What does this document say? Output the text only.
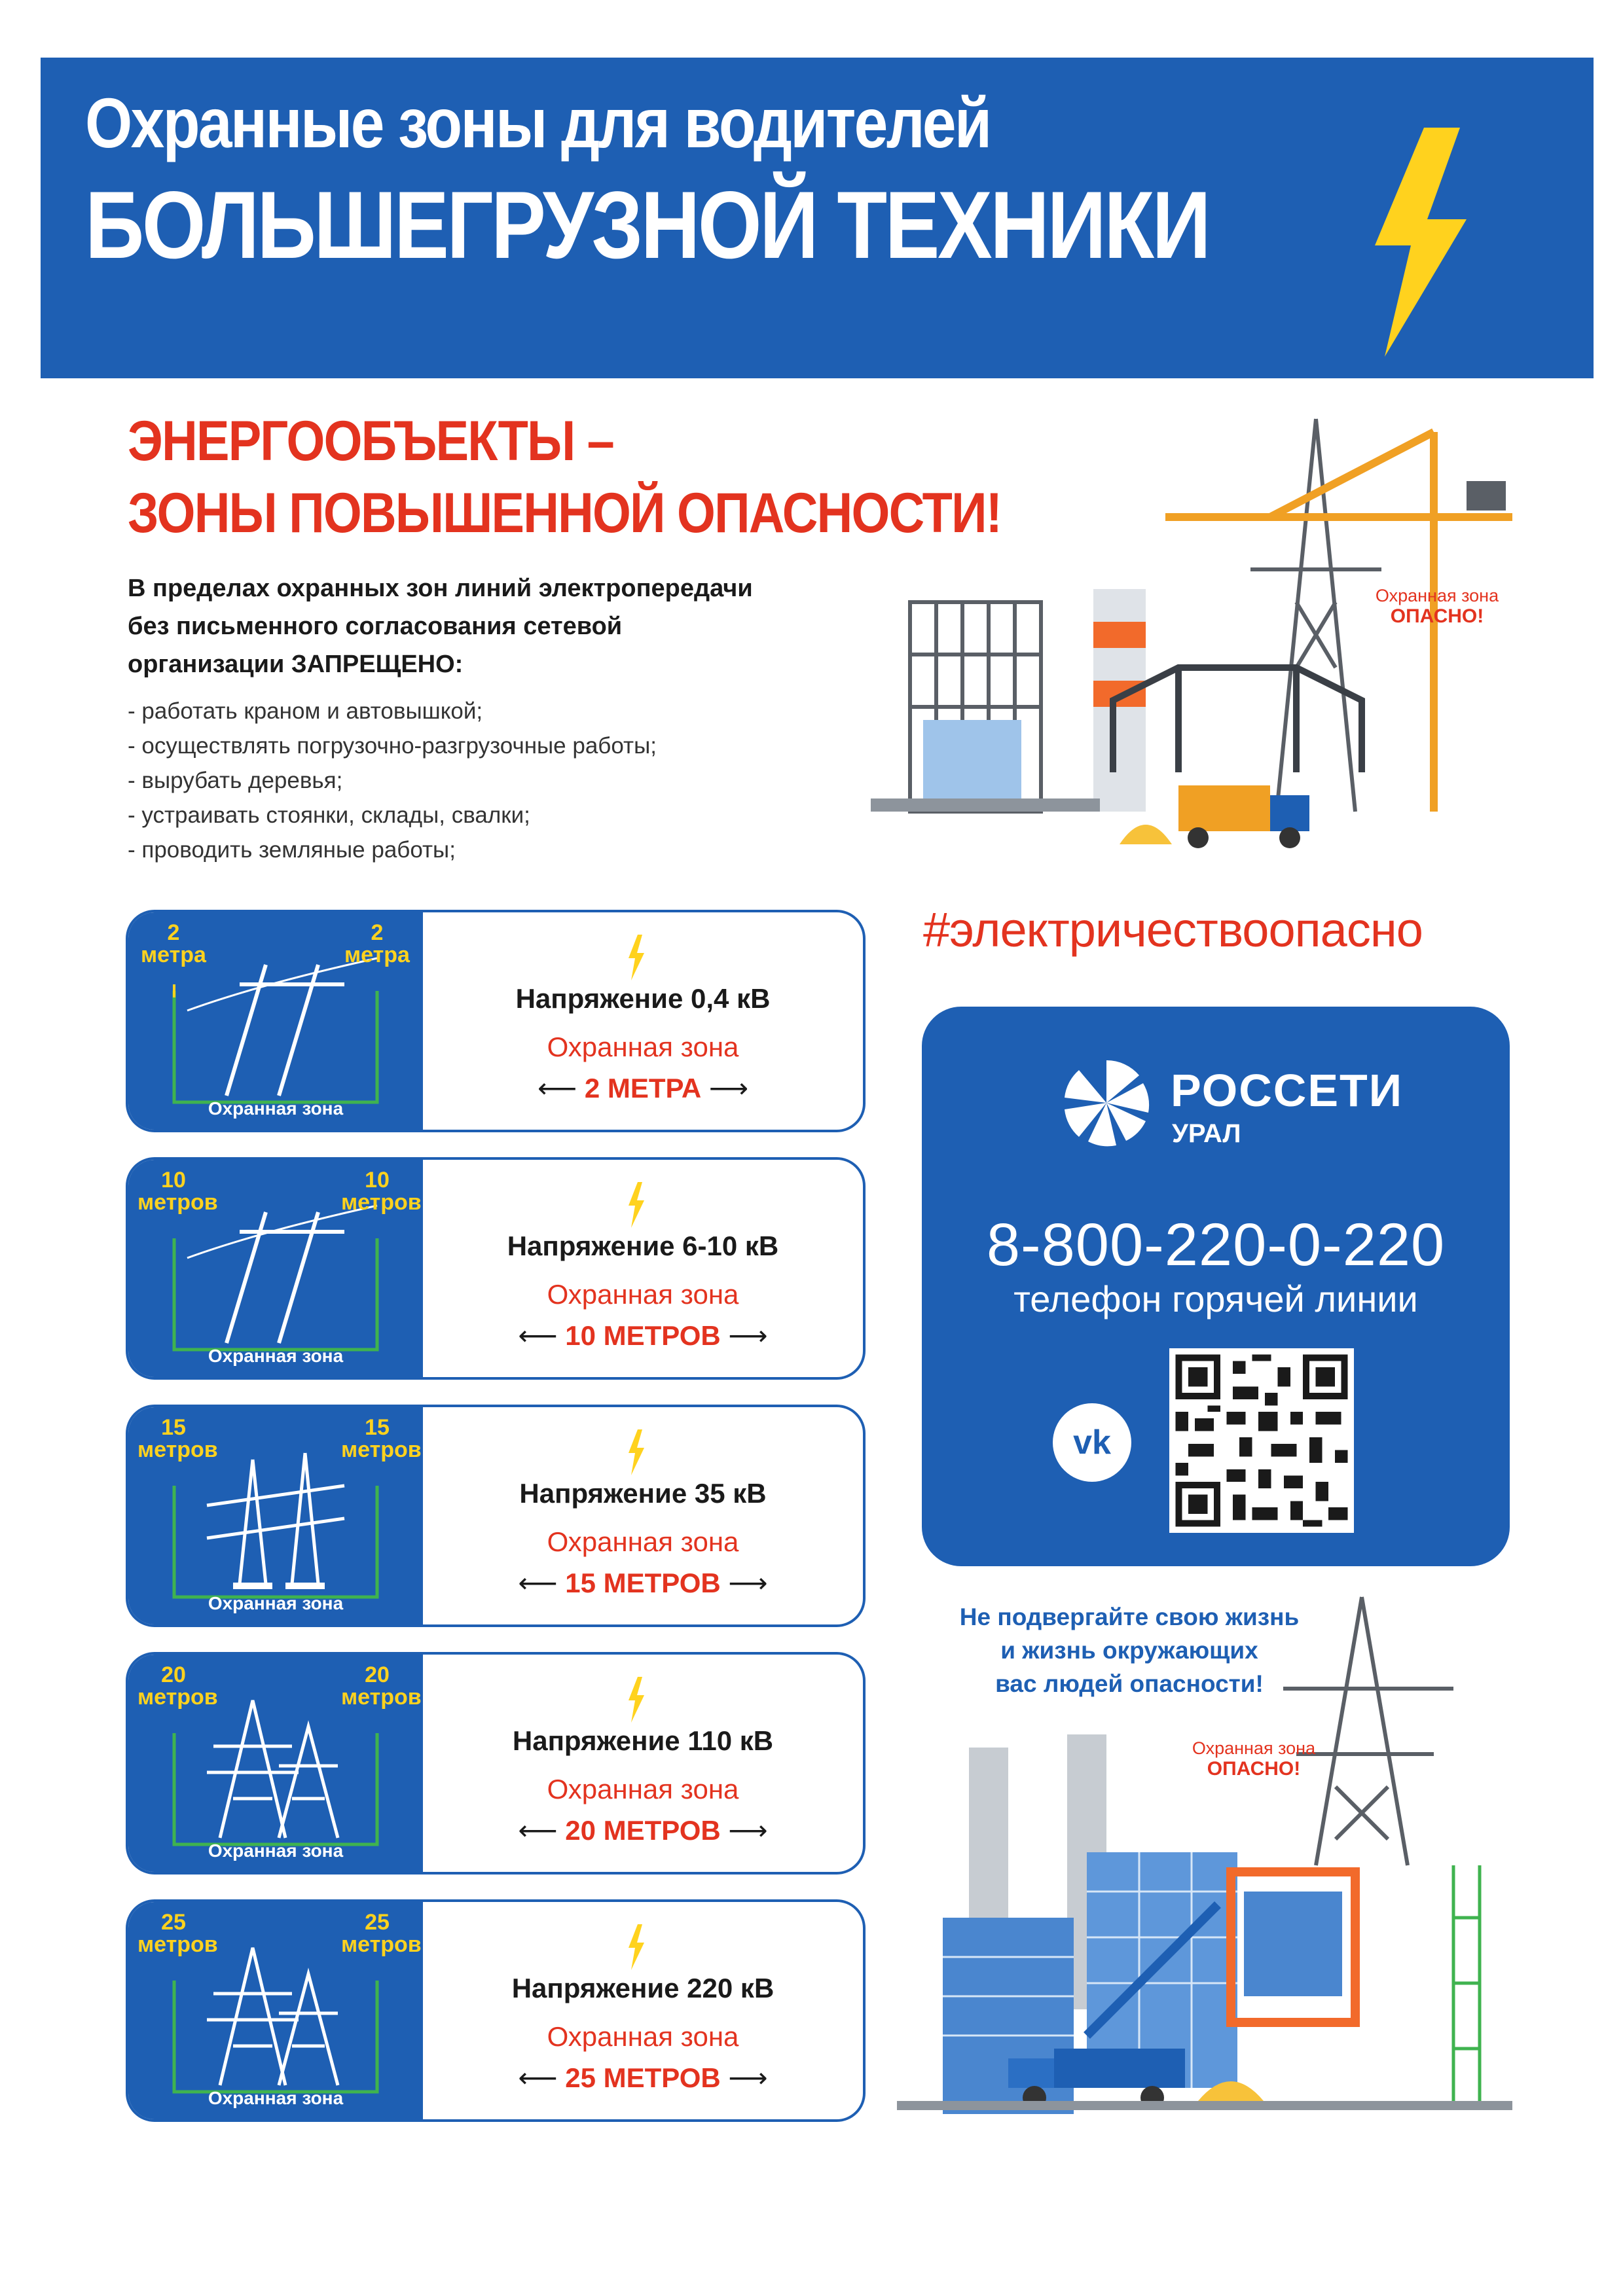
Охранные зоны для водителей
БОЛЬШЕГРУЗНОЙ ТЕХНИКИ
ЭНЕРГООБЪЕКТЫ –
ЗОНЫ ПОВЫШЕННОЙ ОПАСНОСТИ!
В пределах охранных зон линий электропередачи
без письменного согласования сетевой
организации ЗАПРЕЩЕНО:
- работать краном и автовышкой;
- осуществлять погрузочно-разгрузочные работы;
- вырубать деревья;
- устраивать стоянки, склады, свалки;
- проводить земляные работы;
Охранная зона
ОПАСНО!
2
метра
2
метра
Охранная зона
Напряжение 0,4 кВ
Охранная зона
⟵ 2 МЕТРА ⟶
10
метров
10
метров
Охранная зона
Напряжение 6-10 кВ
Охранная зона
⟵ 10 МЕТРОВ ⟶
15
метров
15
метров
Охранная зона
Напряжение 35 кВ
Охранная зона
⟵ 15 МЕТРОВ ⟶
20
метров
20
метров
Охранная зона
Напряжение 110 кВ
Охранная зона
⟵ 20 МЕТРОВ ⟶
25
метров
25
метров
Охранная зона
Напряжение 220 кВ
Охранная зона
⟵ 25 МЕТРОВ ⟶
#электричествоопасно
РОССЕТИ
УРАЛ
8-800-220-0-220
телефон горячей линии
vk
Не подвергайте свою жизнь
и жизнь окружающих
вас людей опасности!
Охранная зона
ОПАСНО!
